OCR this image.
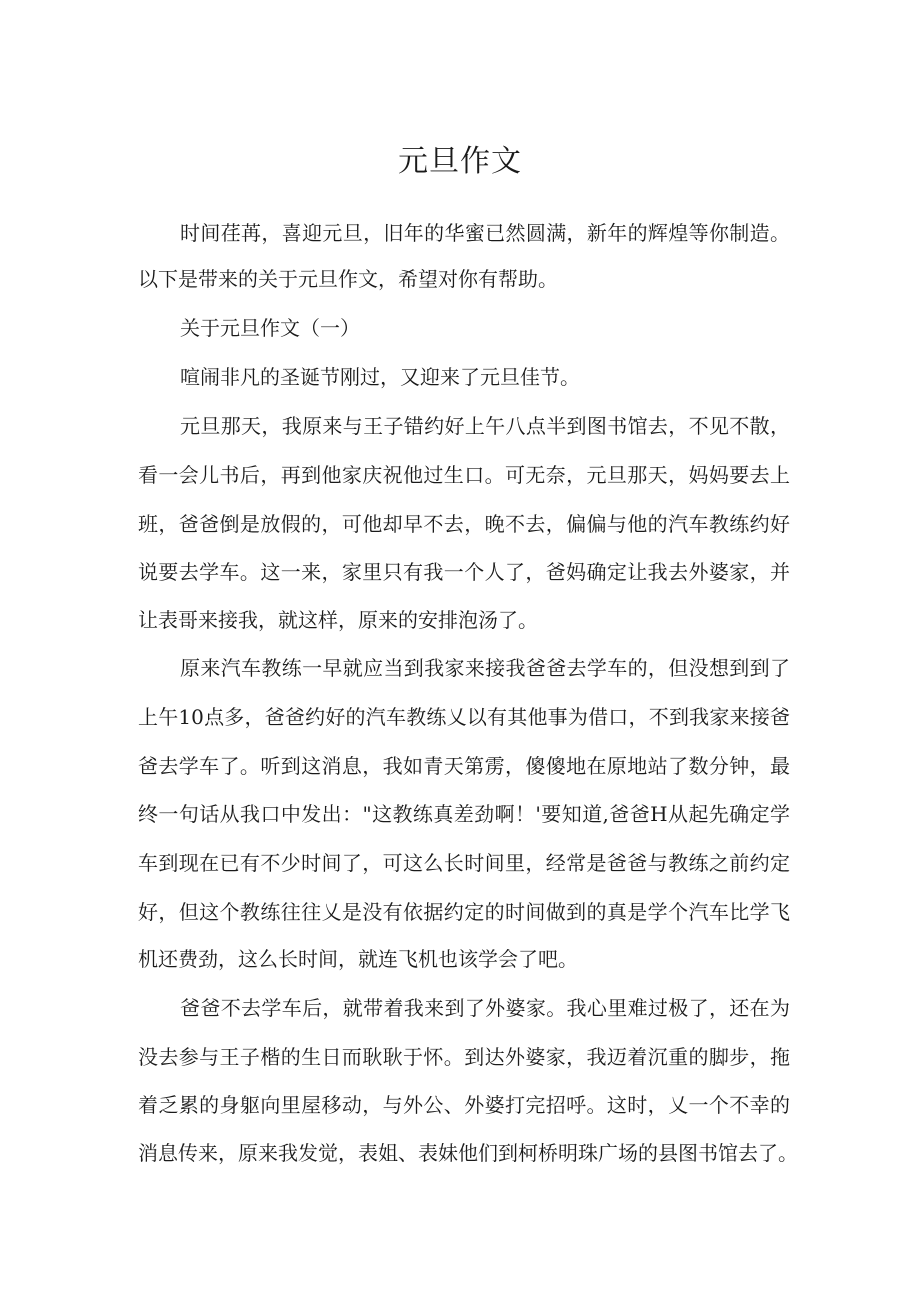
元旦作文

时间荏苒，喜迎元旦，旧年的华蜜已然圆满，新年的辉煌等你制造。

以下是带来的关于元旦作文，希望对你有帮助。

关于元旦作文（一）

喧闹非凡的圣诞节刚过，又迎来了元旦佳节。

元旦那天，我原来与王子错约好上午八点半到图书馆去，不见不散，

看一会儿书后，再到他家庆祝他过生口。可无奈，元旦那天，妈妈要去上

班，爸爸倒是放假的，可他却早不去，晚不去，偏偏与他的汽车教练约好

说要去学车。这一来，家里只有我一个人了，爸妈确定让我去外婆家，并

让表哥来接我，就这样，原来的安排泡汤了。

原来汽车教练一早就应当到我家来接我爸爸去学车的，但没想到到了

上午10点多，爸爸约好的汽车教练乂以有其他事为借口，不到我家来接爸

爸去学车了。听到这消息，我如青天第雳，傻傻地在原地站了数分钟，最

终一句话从我口中发出："这教练真差劲啊！'要知道,爸爸H从起先确定学

车到现在已有不少时间了，可这么长时间里，经常是爸爸与教练之前约定

好，但这个教练往往乂是没有依据约定的时间做到的真是学个汽车比学飞

机还费劲，这么长时间，就连飞机也该学会了吧。

爸爸不去学车后，就带着我来到了外婆家。我心里难过极了，还在为

没去参与王子楷的生日而耿耿于怀。到达外婆家，我迈着沉重的脚步，拖

着乏累的身躯向里屋移动，与外公、外婆打完招呼。这时，乂一个不幸的

消息传来，原来我发觉，表姐、表妹他们到柯桥明珠广场的县图书馆去了。
